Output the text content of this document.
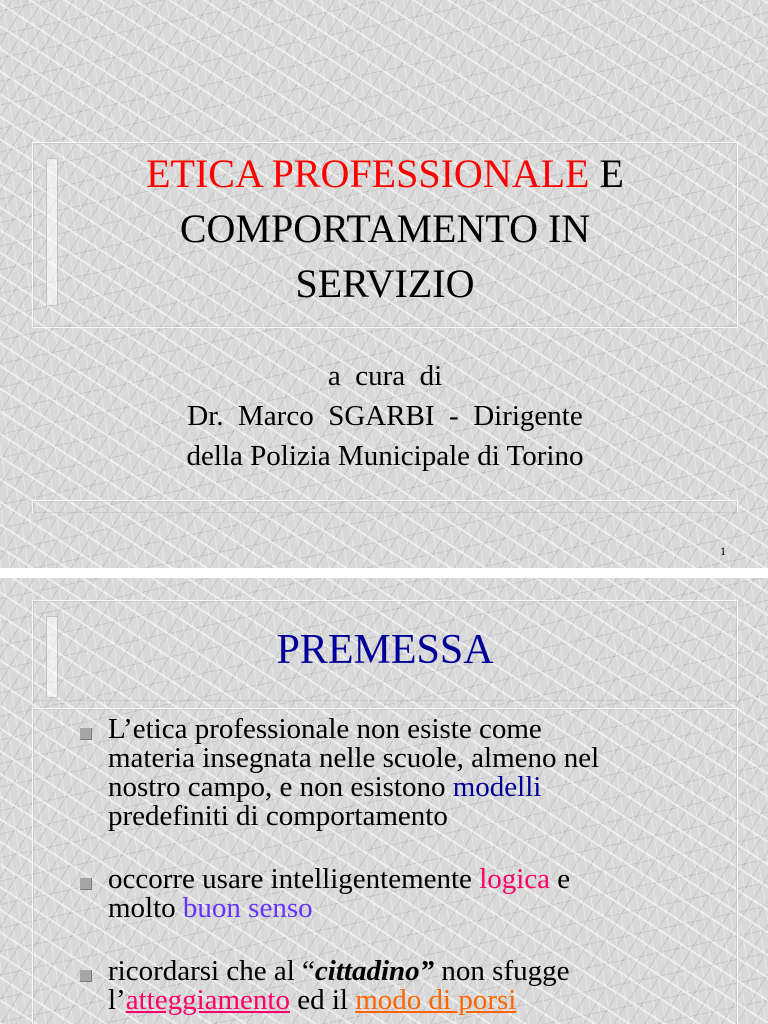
ETICA PROFESSIONALE E
COMPORTAMENTO IN
SERVIZIO
a  cura  di
Dr.  Marco  SGARBI  -  Dirigente
della Polizia Municipale di Torino
1
PREMESSA
L’etica professionale non esiste come
materia insegnata nelle scuole, almeno nel
nostro campo, e non esistono modelli
predefiniti di comportamento
occorre usare intelligentemente logica e
molto buon senso
ricordarsi che al “cittadino” non sfugge
l’atteggiamento ed il modo di porsi
